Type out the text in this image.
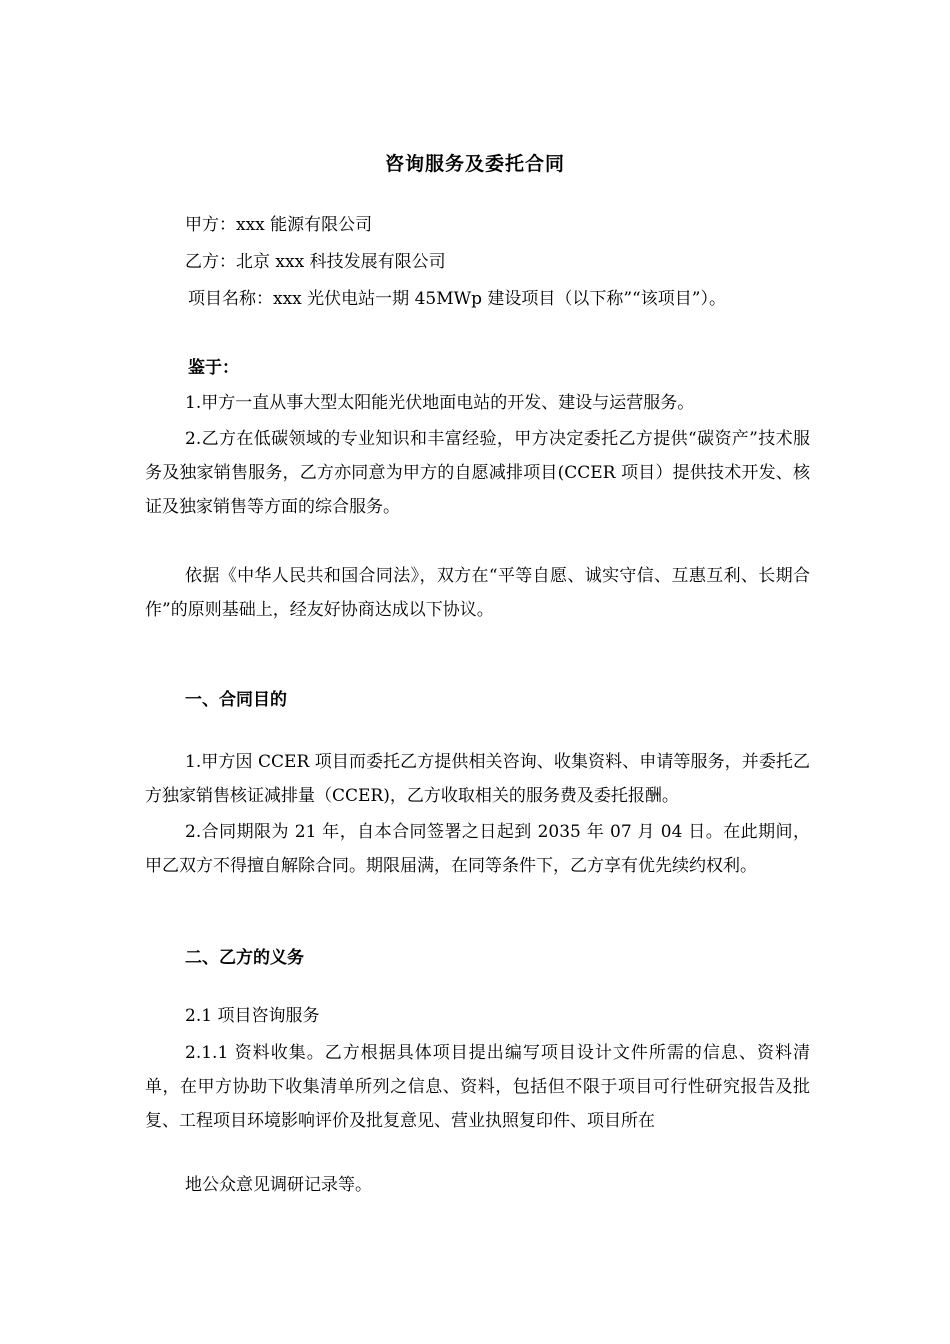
咨询服务及委托合同
甲方：xxx 能源有限公司
乙方：北京 xxx 科技发展有限公司
项目名称：xxx 光伏电站一期 45MWp 建设项目（以下称”“该项目”）。
鉴于：
1.甲方一直从事大型太阳能光伏地面电站的开发、建设与运营服务。
2.乙方在低碳领域的专业知识和丰富经验，甲方决定委托乙方提供“碳资产”技术服务及独家销售服务，乙方亦同意为甲方的自愿减排项目(CCER 项目）提供技术开发、核证及独家销售等方面的综合服务。
依据《中华人民共和国合同法》，双方在“平等自愿、诚实守信、互惠互利、长期合作”的原则基础上，经友好协商达成以下协议。
一、合同目的
1.甲方因 CCER 项目而委托乙方提供相关咨询、收集资料、申请等服务，并委托乙方独家销售核证减排量（CCER)，乙方收取相关的服务费及委托报酬。
2.合同期限为 21 年，自本合同签署之日起到 2035 年 07 月 04 日。在此期间，甲乙双方不得擅自解除合同。期限届满，在同等条件下，乙方享有优先续约权利。
二、乙方的义务
2.1 项目咨询服务
2.1.1 资料收集。乙方根据具体项目提出编写项目设计文件所需的信息、资料清单，在甲方协助下收集清单所列之信息、资料，包括但不限于项目可行性研究报告及批复、工程项目环境影响评价及批复意见、营业执照复印件、项目所在
地公众意见调研记录等。
